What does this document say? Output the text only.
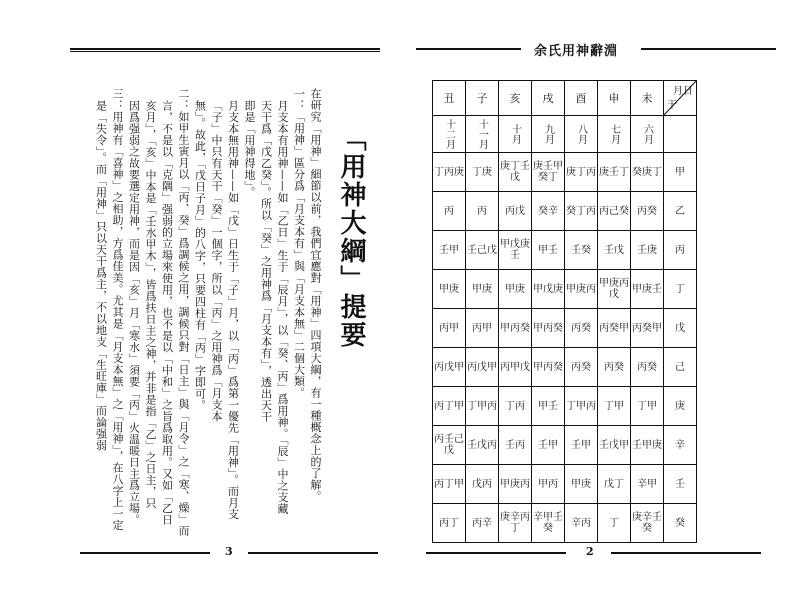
在研究「用神」細節以前，我們宜應對「用神」四項大綱，有一種概念上的了解。
一：「用神」區分爲「月支本有」與「月支本無」二個大類。
月支本有用神——如「乙日」生于「辰月」，以「癸、丙」爲用神。「辰」中之支藏
天干爲「戊乙癸」。所以「癸」之用神爲「月支本有」，透出天干
即是「用神得地」。
月支本無用神——如「戊」日生于「子」月，以「丙」爲第一優先「用神」。而月支
「子」中只有天干「癸」一個字，所以「丙」之用神爲「月支本
無」。故此，「戊日子月」的八字，只要四柱有「丙」字即可。
二：如甲生寅月以「丙、癸」爲調候之用，調候只對「日主」與「月令」之「寒、燥」而
言，不是以「克隅」强弱的立場來使用，也不是以「中和」之旨爲取用。又如「乙日
亥月」，「亥」中本是「壬水甲木」，皆爲扶日主之神，并非是指「乙」之日主，只
因爲强弱之故要選定用神，而是因「亥」月「寒水」須要「丙」火温暖日主爲立場。
三：用神有「喜神」之相助，方爲佳美。尤其是「月支本無」之「用神」，在八字上一定
是「失令」。而「用神」只以天干爲主，不以地支「生旺庫」而論强弱	「用神大綱」提要
3
余氏用神辭淵
2
丑	子	亥	戌	酉	申	未	月日
干

十二月	十一月	十月	九月	八月	七月	六月	

丁丙庚	丁庚	庚丁壬戊	庚壬甲癸丁	庚丁丙	庚壬丁	癸庚丁	甲
丙	丙	丙戊	癸辛	癸丁丙	丙己癸	丙癸	乙
壬甲	壬己戊	甲戊庚壬	甲壬	壬癸	壬戊	壬庚	丙
甲庚	甲庚	甲庚	甲戊庚	甲庚丙	甲庚丙戊	甲庚壬	丁
丙甲	丙甲	甲丙癸	甲丙癸	丙癸	丙癸甲	丙癸甲	戊
丙戊甲	丙戊甲	丙甲戊	甲丙癸	丙癸	丙癸	丙癸	己
丙丁甲	丁甲丙	丁丙	甲壬	丁甲丙	丁甲	丁甲	庚
丙壬己戊	壬戊丙	壬丙	壬甲	壬甲	壬戊甲	壬甲庚	辛
丙丁甲	戊丙	甲庚丙	甲丙	甲庚	戊丁	辛甲	壬
丙丁	丙辛	庚辛丙丁	辛甲壬癸	辛丙	丁	庚辛壬癸	癸
